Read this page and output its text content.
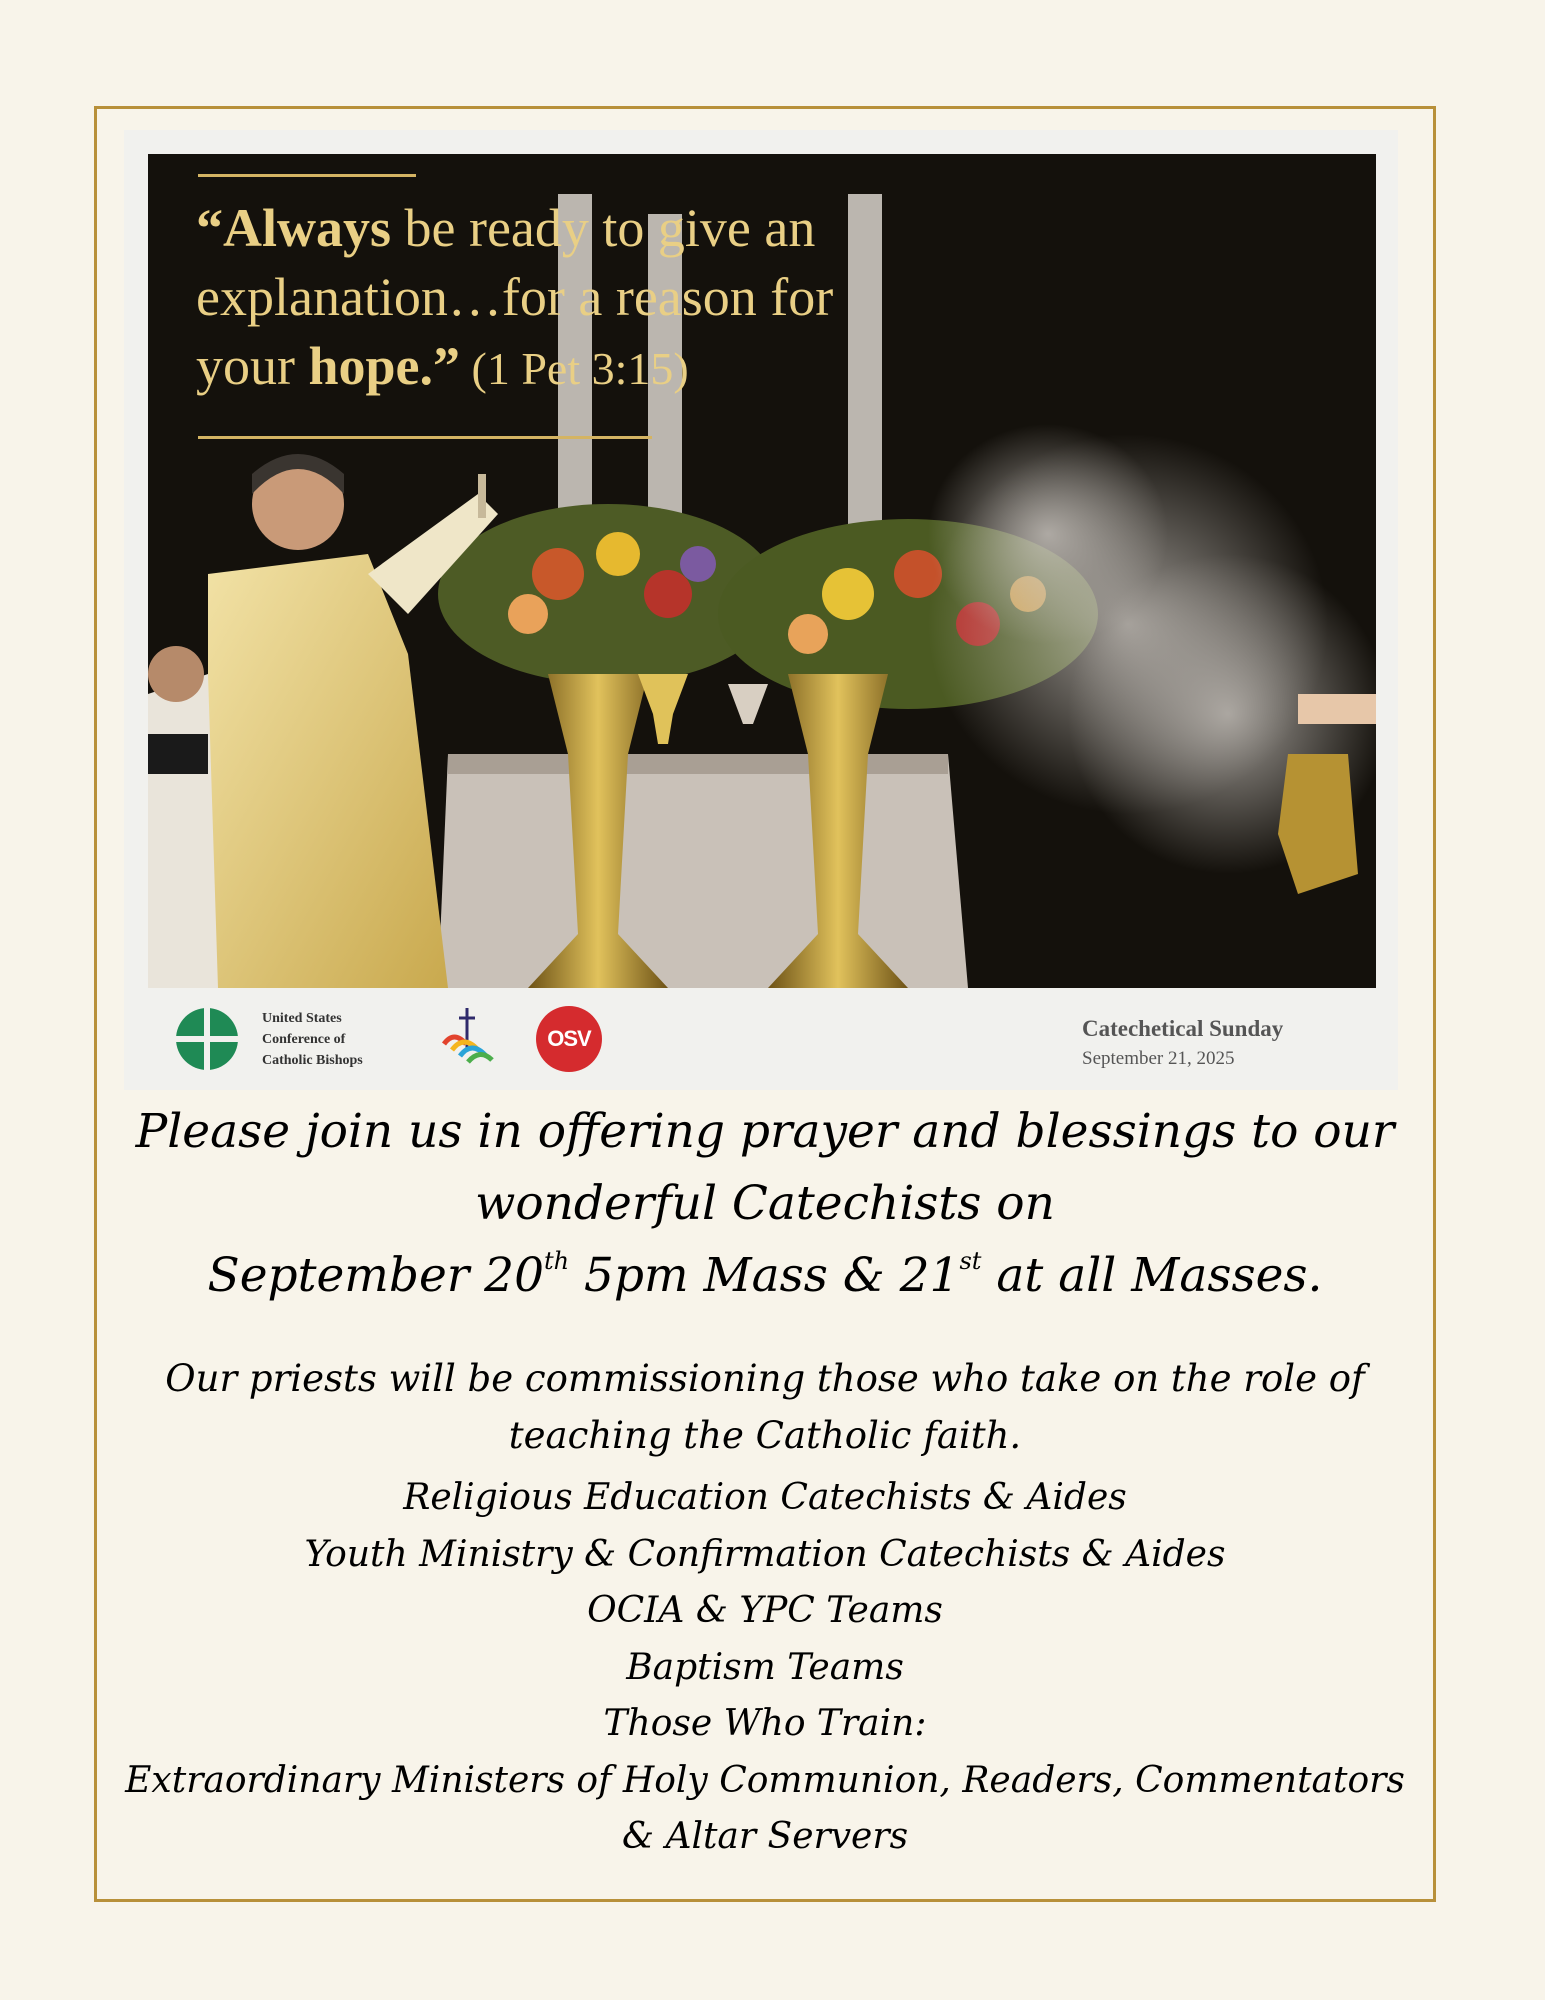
“Always be ready to give an
explanation…for a reason for
your hope.” (1 Pet 3:15)
United States
Conference of
Catholic Bishops
OSV	Catechetical Sunday
September 21, 2025
Please join us in offering prayer and blessings to our
wonderful Catechists on
September 20th 5pm Mass & 21st at all Masses.
Our priests will be commissioning those who take on the role of
teaching the Catholic faith.
Religious Education Catechists & Aides
Youth Ministry & Confirmation Catechists & Aides
OCIA & YPC Teams
Baptism Teams
Those Who Train:
Extraordinary Ministers of Holy Communion, Readers, Commentators
& Altar Servers
